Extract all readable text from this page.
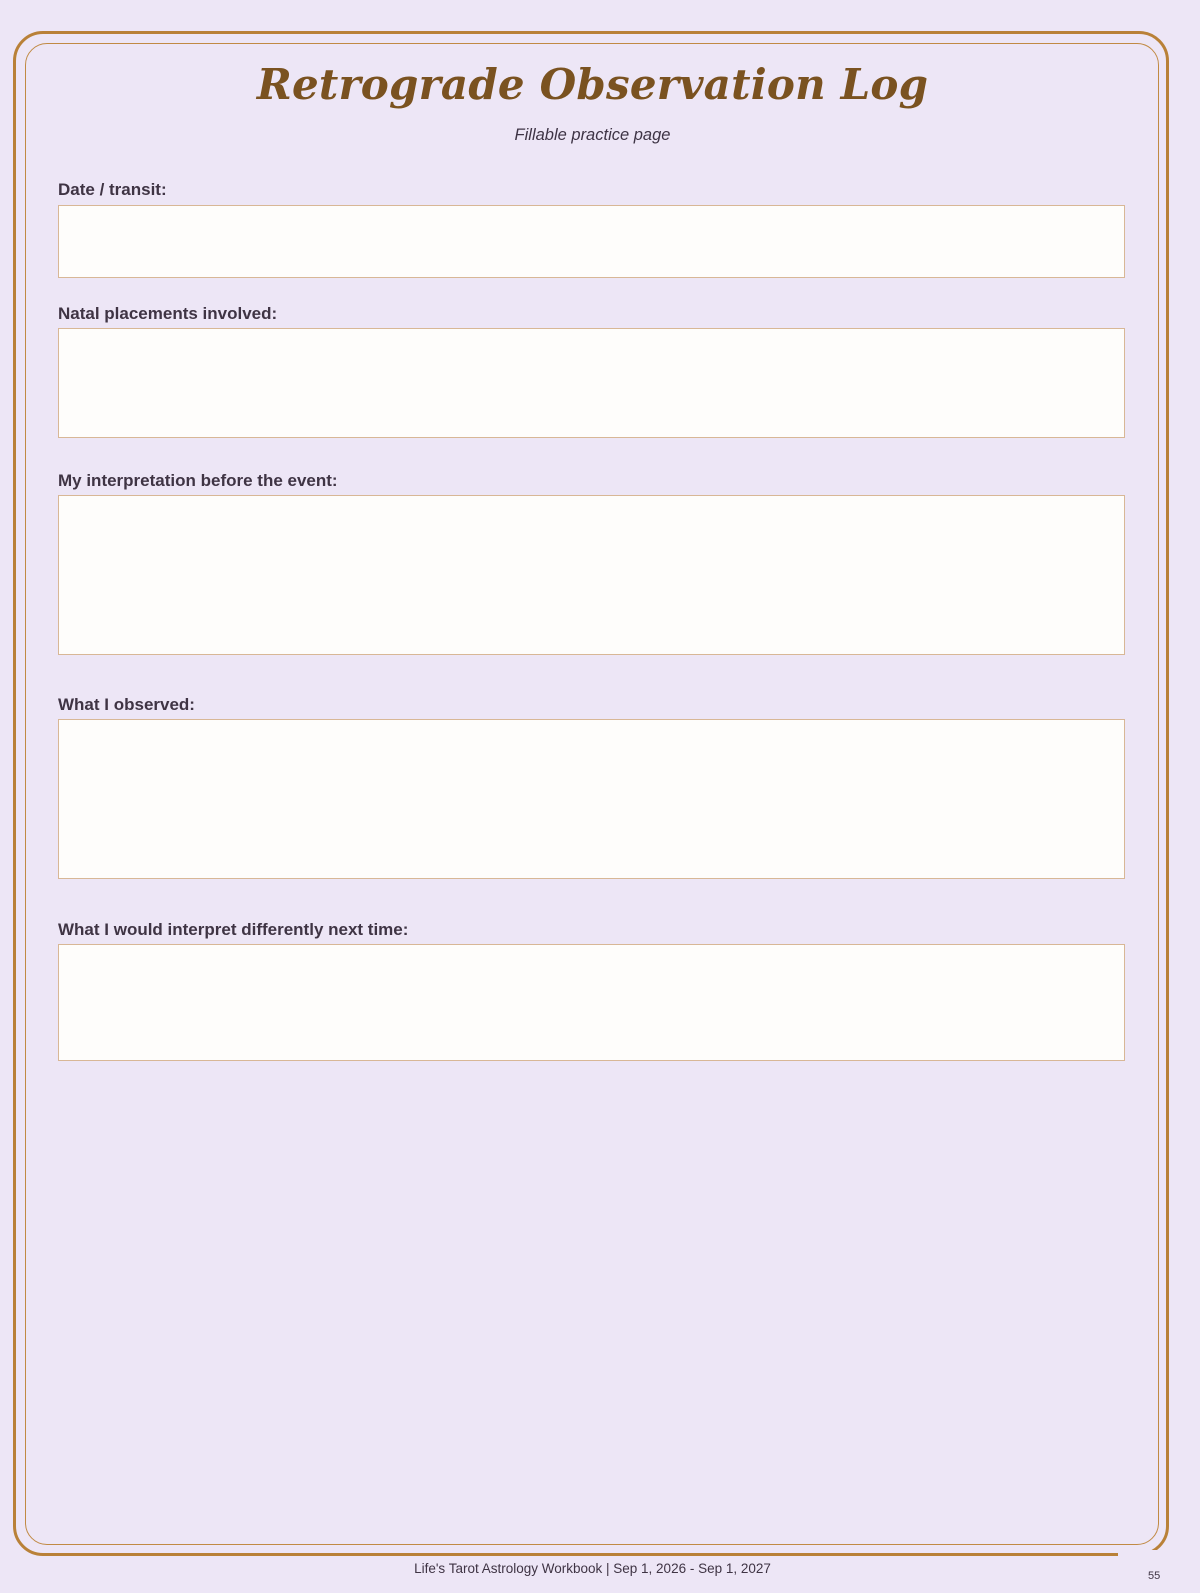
Retrograde Observation Log
Fillable practice page
Date / transit:
Natal placements involved:
My interpretation before the event:
What I observed:
What I would interpret differently next time:
Life's Tarot Astrology Workbook | Sep 1, 2026 - Sep 1, 2027	55
